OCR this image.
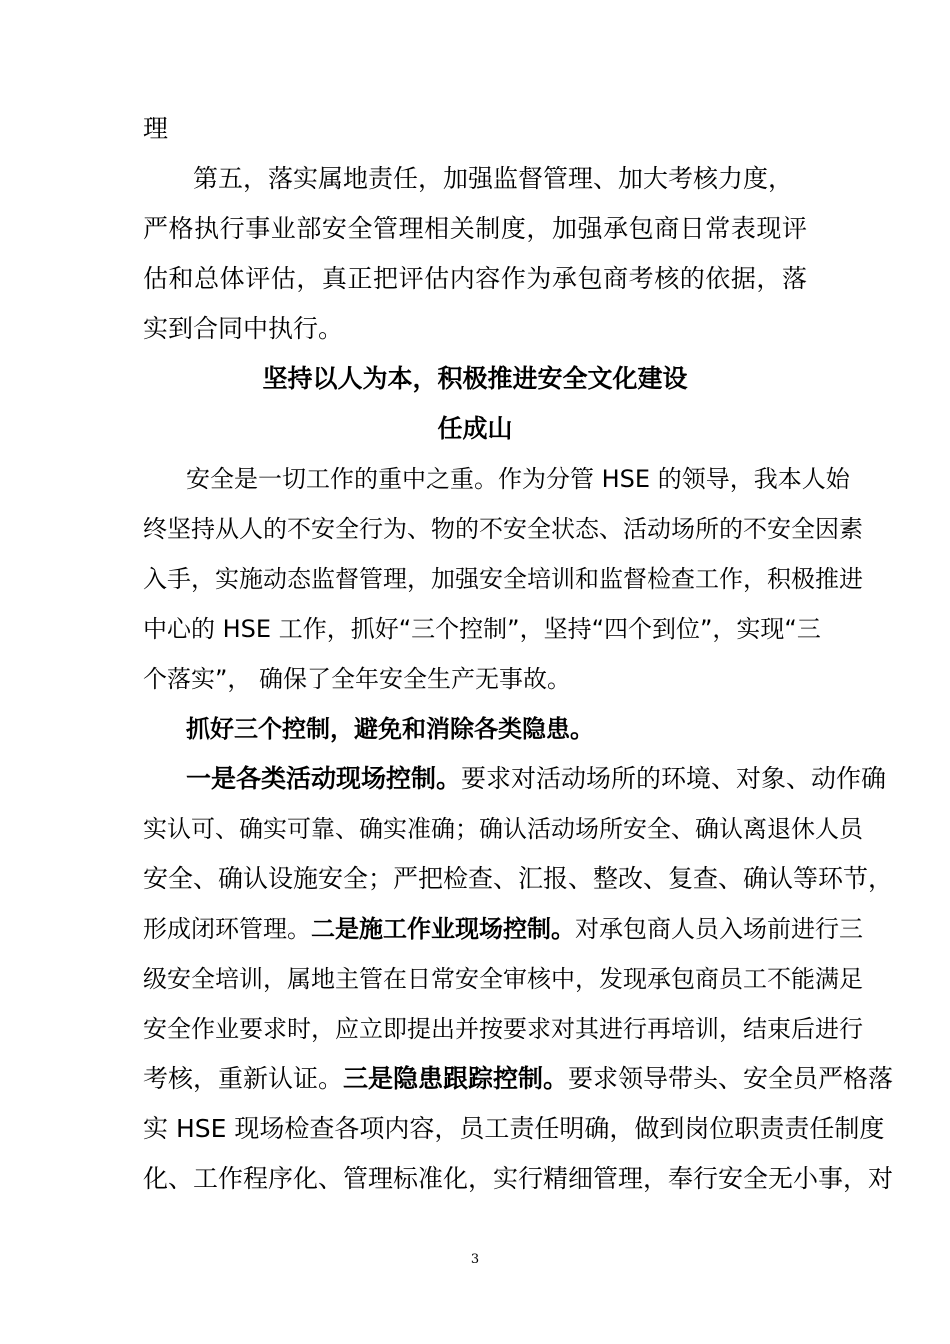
理
第五，落实属地责任，加强监督管理、加大考核力度，
严格执行事业部安全管理相关制度，加强承包商日常表现评
估和总体评估，真正把评估内容作为承包商考核的依据，落
实到合同中执行。
坚持以人为本，积极推进安全文化建设
任成山
安全是一切工作的重中之重。作为分管 HSE 的领导，我本人始
终坚持从人的不安全行为、物的不安全状态、活动场所的不安全因素
入手，实施动态监督管理，加强安全培训和监督检查工作，积极推进
中心的 HSE 工作，抓好“三个控制”，坚持“四个到位”，实现“三
个落实”， 确保了全年安全生产无事故。
抓好三个控制，避免和消除各类隐患。
一是各类活动现场控制。要求对活动场所的环境、对象、动作确
实认可、确实可靠、确实准确；确认活动场所安全、确认离退休人员
安全、确认设施安全；严把检查、汇报、整改、复查、确认等环节，
形成闭环管理。二是施工作业现场控制。对承包商人员入场前进行三
级安全培训，属地主管在日常安全审核中，发现承包商员工不能满足
安全作业要求时，应立即提出并按要求对其进行再培训，结束后进行
考核，重新认证。三是隐患跟踪控制。要求领导带头、安全员严格落
实 HSE 现场检查各项内容，员工责任明确，做到岗位职责责任制度
化、工作程序化、管理标准化，实行精细管理，奉行安全无小事，对
3
